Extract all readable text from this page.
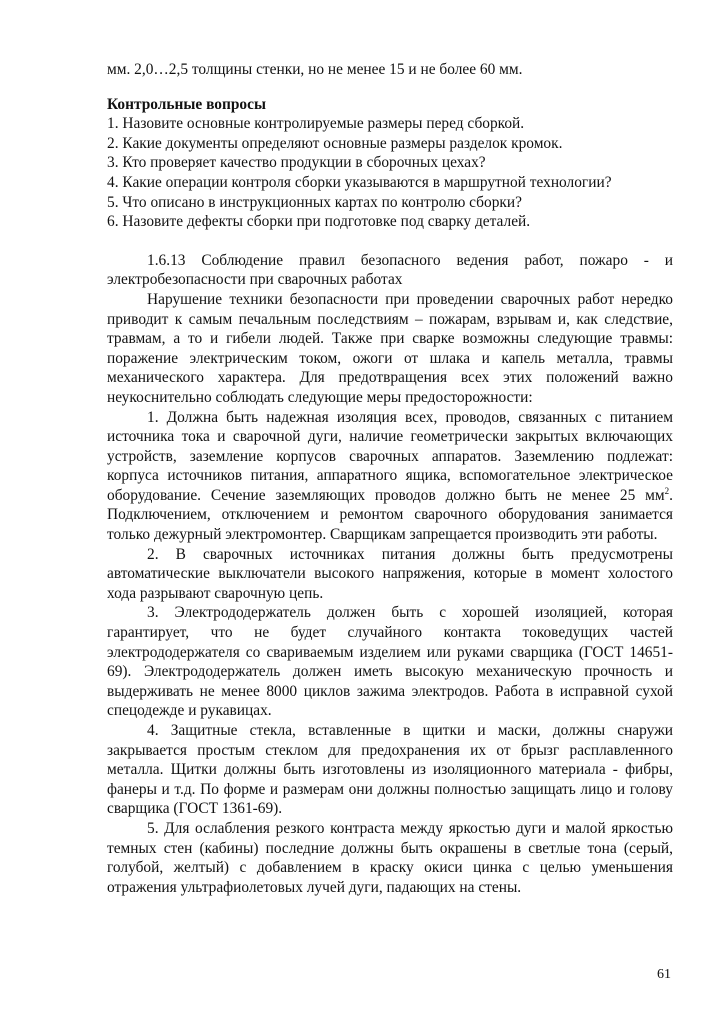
мм. 2,0…2,5 толщины стенки, но не менее 15 и не более 60 мм.

Контрольные вопросы

1. Назовите основные контролируемые размеры перед сборкой.
2. Какие документы определяют основные размеры разделок кромок.
3. Кто проверяет качество продукции в сборочных цехах?
4. Какие операции контроля сборки указываются в маршрутной технологии?
5. Что описано в инструкционных картах по контролю сборки?
6. Назовите дефекты сборки при подготовке под сварку деталей.

1.6.13 Соблюдение правил безопасного ведения работ, пожаро - и электробезопасности при сварочных работах

Нарушение техники безопасности при проведении сварочных работ нередко приводит к самым печальным последствиям – пожарам, взрывам и, как следствие, травмам, а то и гибели людей. Также при сварке возможны следующие травмы: поражение электрическим током, ожоги от шлака и капель металла, травмы механического характера. Для предотвращения всех этих положений важно неукоснительно соблюдать следующие меры предосторожности:

1. Должна быть надежная изоляция всех, проводов, связанных с питанием источника тока и сварочной дуги, наличие геометрически закрытых включающих устройств, заземление корпусов сварочных аппаратов. Заземлению подлежат: корпуса источников питания, аппаратного ящика, вспомогательное электрическое оборудование. Сечение заземляющих проводов должно быть не менее 25 $мм^2$. Подключением, отключением и ремонтом сварочного оборудования занимается только дежурный электромонтер. Сварщикам запрещается производить эти работы.

2. В сварочных источниках питания должны быть предусмотрены автоматические выключатели высокого напряжения, которые в момент холостого хода разрывают сварочную цепь.

3. Электрододержатель должен быть с хорошей изоляцией, которая гарантирует, что не будет случайного контакта токоведущих частей электрододержателя со свариваемым изделием или руками сварщика (ГОСТ 14651-69). Электрододержатель должен иметь высокую механическую прочность и выдерживать не менее 8000 циклов зажима электродов. Работа в исправной сухой спецодежде и рукавицах.

4. Защитные стекла, вставленные в щитки и маски, должны снаружи закрывается простым стеклом для предохранения их от брызг расплавленного металла. Щитки должны быть изготовлены из изоляционного материала - фибры, фанеры и т.д. По форме и размерам они должны полностью защищать лицо и голову сварщика (ГОСТ 1361-69).

5. Для ослабления резкого контраста между яркостью дуги и малой яркостью темных стен (кабины) последние должны быть окрашены в светлые тона (серый, голубой, желтый) с добавлением в краску окиси цинка с целью уменьшения отражения ультрафиолетовых лучей дуги, падающих на стены.

61
